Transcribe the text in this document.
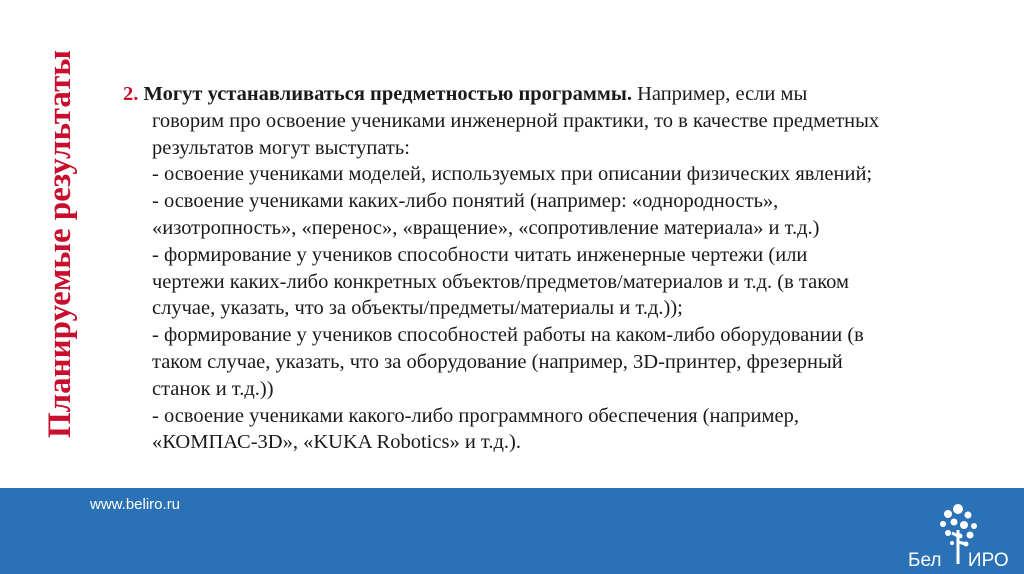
Планируемые результаты 2. Могут устанавливаться предметностью программы. Например, если мы

говорим про освоение учениками инженерной практики, то в качестве предметных
результатов могут выступать:
- освоение учениками моделей, используемых при описании физических явлений;
- освоение учениками каких-либо понятий (например: «однородность»,
«изотропность», «перенос», «вращение», «сопротивление материала» и т.д.)
- формирование у учеников способности читать инженерные чертежи (или
чертежи каких-либо конкретных объектов/предметов/материалов и т.д. (в таком
случае, указать, что за объекты/предметы/материалы и т.д.));
- формирование у учеников способностей работы на каком-либо оборудовании (в
таком случае, указать, что за оборудование (например, 3D-принтер, фрезерный
станок и т.д.))
- освоение учениками какого-либо программного обеспечения (например,
«КОМПАС-3D», «KUKA Robotics» и т.д.).
www.beliro.ru
Бел ИРО
